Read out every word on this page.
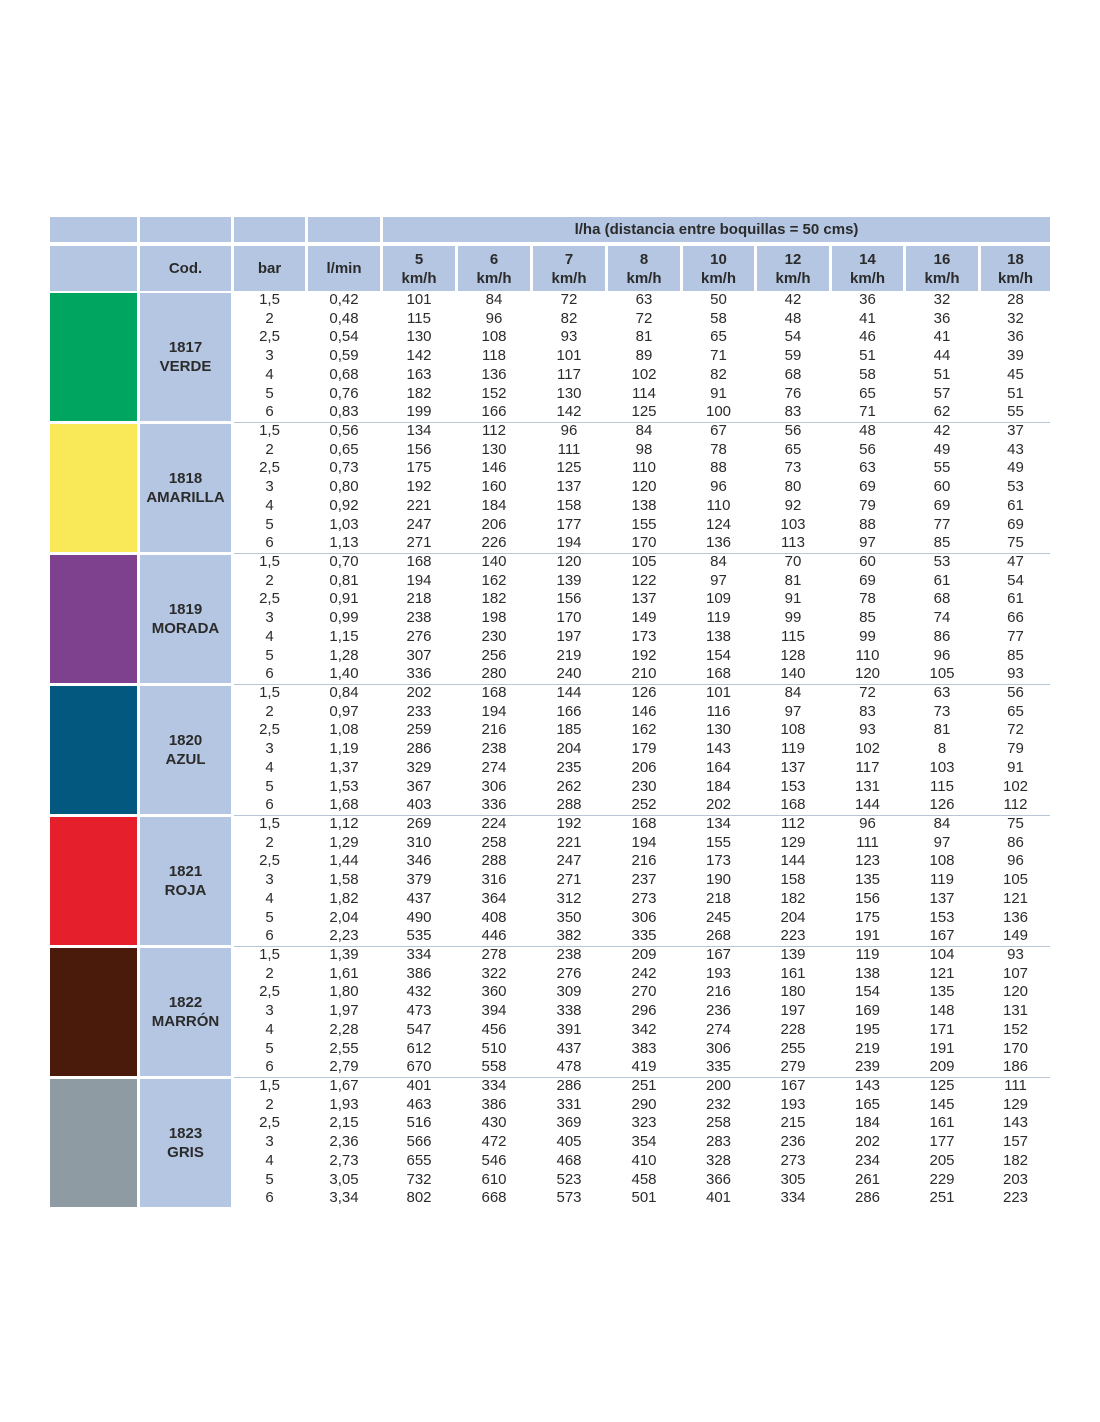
l/ha (distancia entre boquillas = 50 cms)
Cod.	bar	l/min
5
km/h
6
km/h
7
km/h
8
km/h
10
km/h
12
km/h
14
km/h
16
km/h
18
km/h
1817
VERDE
1,5	0,42	101	84	72	63	50	42	36	32	28
2	0,48	115	96	82	72	58	48	41	36	32
2,5	0,54	130	108	93	81	65	54	46	41	36
3	0,59	142	118	101	89	71	59	51	44	39
4	0,68	163	136	117	102	82	68	58	51	45
5	0,76	182	152	130	114	91	76	65	57	51
6	0,83	199	166	142	125	100	83	71	62	55
1818
AMARILLA
1,5	0,56	134	112	96	84	67	56	48	42	37
2	0,65	156	130	111	98	78	65	56	49	43
2,5	0,73	175	146	125	110	88	73	63	55	49
3	0,80	192	160	137	120	96	80	69	60	53
4	0,92	221	184	158	138	110	92	79	69	61
5	1,03	247	206	177	155	124	103	88	77	69
6	1,13	271	226	194	170	136	113	97	85	75
1819
MORADA
1,5	0,70	168	140	120	105	84	70	60	53	47
2	0,81	194	162	139	122	97	81	69	61	54
2,5	0,91	218	182	156	137	109	91	78	68	61
3	0,99	238	198	170	149	119	99	85	74	66
4	1,15	276	230	197	173	138	115	99	86	77
5	1,28	307	256	219	192	154	128	110	96	85
6	1,40	336	280	240	210	168	140	120	105	93
1820
AZUL
1,5	0,84	202	168	144	126	101	84	72	63	56
2	0,97	233	194	166	146	116	97	83	73	65
2,5	1,08	259	216	185	162	130	108	93	81	72
3	1,19	286	238	204	179	143	119	102	8	79
4	1,37	329	274	235	206	164	137	117	103	91
5	1,53	367	306	262	230	184	153	131	115	102
6	1,68	403	336	288	252	202	168	144	126	112
1821
ROJA
1,5	1,12	269	224	192	168	134	112	96	84	75
2	1,29	310	258	221	194	155	129	111	97	86
2,5	1,44	346	288	247	216	173	144	123	108	96
3	1,58	379	316	271	237	190	158	135	119	105
4	1,82	437	364	312	273	218	182	156	137	121
5	2,04	490	408	350	306	245	204	175	153	136
6	2,23	535	446	382	335	268	223	191	167	149
1822
MARRÓN
1,5	1,39	334	278	238	209	167	139	119	104	93
2	1,61	386	322	276	242	193	161	138	121	107
2,5	1,80	432	360	309	270	216	180	154	135	120
3	1,97	473	394	338	296	236	197	169	148	131
4	2,28	547	456	391	342	274	228	195	171	152
5	2,55	612	510	437	383	306	255	219	191	170
6	2,79	670	558	478	419	335	279	239	209	186
1823
GRIS
1,5	1,67	401	334	286	251	200	167	143	125	111
2	1,93	463	386	331	290	232	193	165	145	129
2,5	2,15	516	430	369	323	258	215	184	161	143
3	2,36	566	472	405	354	283	236	202	177	157
4	2,73	655	546	468	410	328	273	234	205	182
5	3,05	732	610	523	458	366	305	261	229	203
6	3,34	802	668	573	501	401	334	286	251	223
